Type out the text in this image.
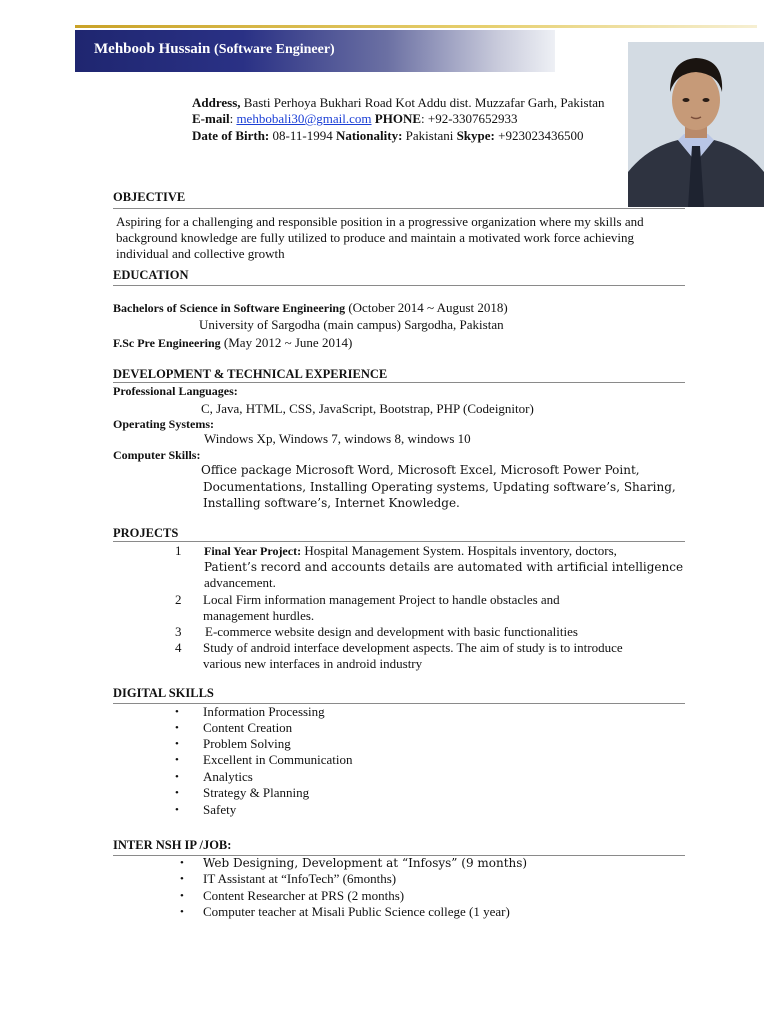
Mehboob Hussain (Software Engineer)
Address, Basti Perhoya Bukhari Road Kot Addu dist. Muzzafar Garh, Pakistan
E-mail: mehbobali30@gmail.com PHONE: +92-3307652933
Date of Birth: 08-11-1994 Nationality: Pakistani Skype: +923023436500
OBJECTIVE
Aspiring for a challenging and responsible position in a progressive organization where my skills and
background knowledge are fully utilized to produce and maintain a motivated work force achieving
individual and collective growth
EDUCATION
Bachelors of Science in Software Engineering (October 2014 ~ August 2018)
University of Sargodha (main campus) Sargodha, Pakistan
F.Sc Pre Engineering (May 2012 ~ June 2014)
DEVELOPMENT & TECHNICAL EXPERIENCE
Professional Languages:
C, Java, HTML, CSS, JavaScript, Bootstrap, PHP (Codeignitor)
Operating Systems:
Windows Xp, Windows 7, windows 8, windows 10
Computer Skills:
Office package Microsoft Word, Microsoft Excel, Microsoft Power Point,
Documentations, Installing Operating systems, Updating software’s, Sharing,
Installing software’s, Internet Knowledge.
PROJECTS
1 Final Year Project: Hospital Management System. Hospitals inventory, doctors,
Patient’s record and accounts details are automated with artificial intelligence
advancement.
2 Local Firm information management Project to handle obstacles and
management hurdles.
3 E-commerce website design and development with basic functionalities
4 Study of android interface development aspects. The aim of study is to introduce
various new interfaces in android industry
DIGITAL SKILLS
• Information Processing
• Content Creation
• Problem Solving
• Excellent in Communication
• Analytics
• Strategy & Planning
• Safety
INTER NSH IP /JOB:
• Web Designing, Development at “Infosys” (9 months)
• IT Assistant at “InfoTech” (6months)
• Content Researcher at PRS (2 months)
• Computer teacher at Misali Public Science college (1 year)
